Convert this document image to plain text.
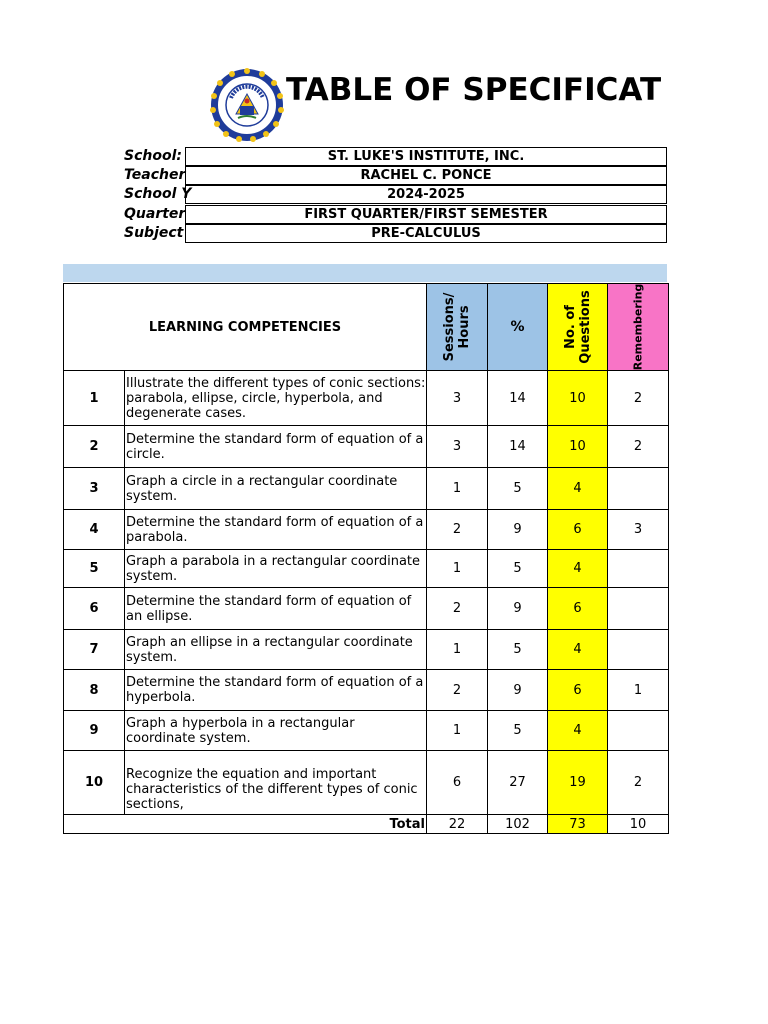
TABLE OF SPECIFICAT
School:	ST. LUKE'S INSTITUTE, INC.
Teacher	RACHEL C. PONCE
School Y	2024-2025
Quarter	FIRST QUARTER/FIRST SEMESTER
Subject	PRE-CALCULUS
LEARNING COMPETENCIES		Sessions/ Hours	%	No. of Questions	Remembering

1	Illustrate the different types of conic sections: parabola, ellipse, circle, hyperbola, and degenerate cases.	3	14	10	2
2	Determine the standard form of equation of a circle.	3	14	10	2
3	Graph a circle in a rectangular coordinate system.	1	5	4	
4	Determine the standard form of equation of a parabola.	2	9	6	3
5	Graph a parabola in a rectangular coordinate system.	1	5	4	
6	Determine the standard form of equation of an ellipse.	2	9	6	
7	Graph an ellipse in a rectangular coordinate system.	1	5	4	
8	Determine the standard form of equation of a hyperbola.	2	9	6	1
9	Graph a hyperbola in a rectangular coordinate system.	1	5	4	
10	Recognize the equation and important characteristics of the different types of conic sections,	6	27	19	2
Total		22	102	73	10
